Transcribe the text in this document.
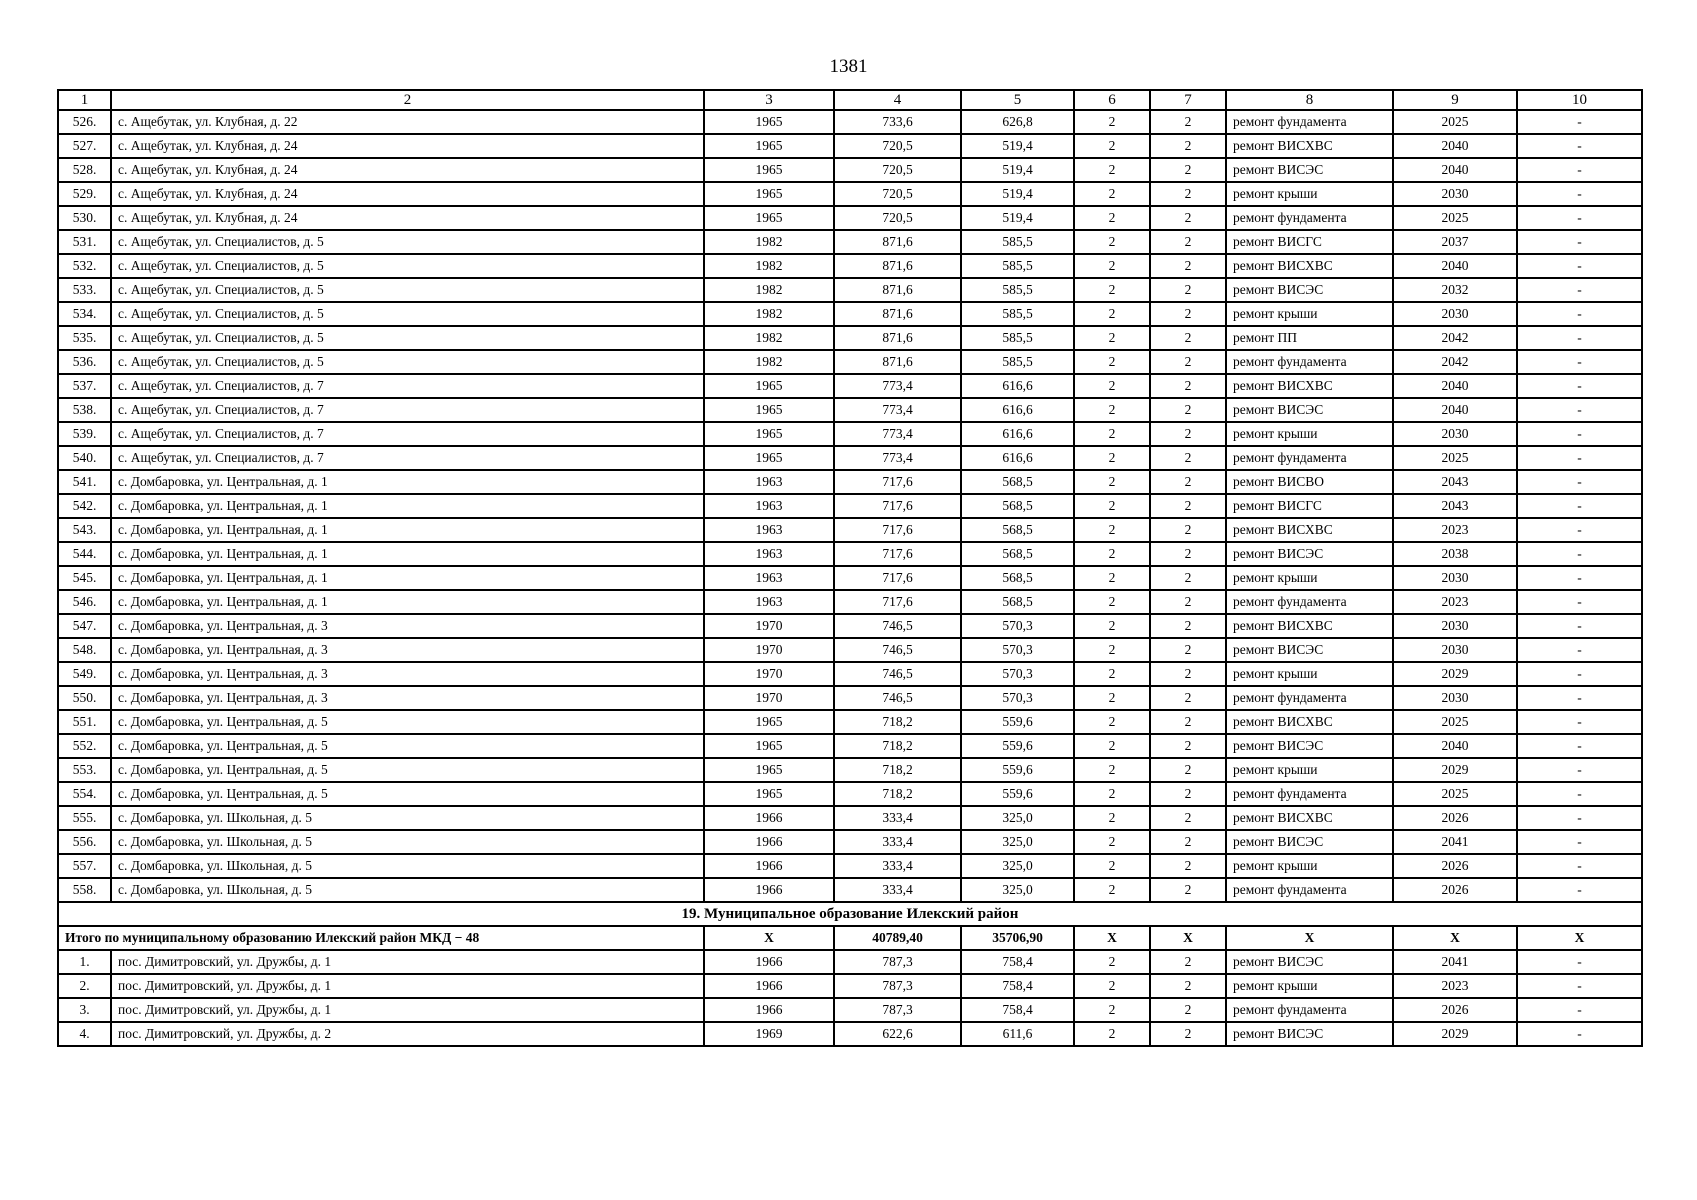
1381
1	2	3	4	5	6	7	8	9	10
526.	с. Ащебутак, ул. Клубная, д. 22	1965	733,6	626,8	2	2	ремонт фундамента	2025	-
527.	с. Ащебутак, ул. Клубная, д. 24	1965	720,5	519,4	2	2	ремонт ВИСХВС	2040	-
528.	с. Ащебутак, ул. Клубная, д. 24	1965	720,5	519,4	2	2	ремонт ВИСЭС	2040	-
529.	с. Ащебутак, ул. Клубная, д. 24	1965	720,5	519,4	2	2	ремонт крыши	2030	-
530.	с. Ащебутак, ул. Клубная, д. 24	1965	720,5	519,4	2	2	ремонт фундамента	2025	-
531.	с. Ащебутак, ул. Специалистов, д. 5	1982	871,6	585,5	2	2	ремонт ВИСГС	2037	-
532.	с. Ащебутак, ул. Специалистов, д. 5	1982	871,6	585,5	2	2	ремонт ВИСХВС	2040	-
533.	с. Ащебутак, ул. Специалистов, д. 5	1982	871,6	585,5	2	2	ремонт ВИСЭС	2032	-
534.	с. Ащебутак, ул. Специалистов, д. 5	1982	871,6	585,5	2	2	ремонт крыши	2030	-
535.	с. Ащебутак, ул. Специалистов, д. 5	1982	871,6	585,5	2	2	ремонт ПП	2042	-
536.	с. Ащебутак, ул. Специалистов, д. 5	1982	871,6	585,5	2	2	ремонт фундамента	2042	-
537.	с. Ащебутак, ул. Специалистов, д. 7	1965	773,4	616,6	2	2	ремонт ВИСХВС	2040	-
538.	с. Ащебутак, ул. Специалистов, д. 7	1965	773,4	616,6	2	2	ремонт ВИСЭС	2040	-
539.	с. Ащебутак, ул. Специалистов, д. 7	1965	773,4	616,6	2	2	ремонт крыши	2030	-
540.	с. Ащебутак, ул. Специалистов, д. 7	1965	773,4	616,6	2	2	ремонт фундамента	2025	-
541.	с. Домбаровка, ул. Центральная, д. 1	1963	717,6	568,5	2	2	ремонт ВИСВО	2043	-
542.	с. Домбаровка, ул. Центральная, д. 1	1963	717,6	568,5	2	2	ремонт ВИСГС	2043	-
543.	с. Домбаровка, ул. Центральная, д. 1	1963	717,6	568,5	2	2	ремонт ВИСХВС	2023	-
544.	с. Домбаровка, ул. Центральная, д. 1	1963	717,6	568,5	2	2	ремонт ВИСЭС	2038	-
545.	с. Домбаровка, ул. Центральная, д. 1	1963	717,6	568,5	2	2	ремонт крыши	2030	-
546.	с. Домбаровка, ул. Центральная, д. 1	1963	717,6	568,5	2	2	ремонт фундамента	2023	-
547.	с. Домбаровка, ул. Центральная, д. 3	1970	746,5	570,3	2	2	ремонт ВИСХВС	2030	-
548.	с. Домбаровка, ул. Центральная, д. 3	1970	746,5	570,3	2	2	ремонт ВИСЭС	2030	-
549.	с. Домбаровка, ул. Центральная, д. 3	1970	746,5	570,3	2	2	ремонт крыши	2029	-
550.	с. Домбаровка, ул. Центральная, д. 3	1970	746,5	570,3	2	2	ремонт фундамента	2030	-
551.	с. Домбаровка, ул. Центральная, д. 5	1965	718,2	559,6	2	2	ремонт ВИСХВС	2025	-
552.	с. Домбаровка, ул. Центральная, д. 5	1965	718,2	559,6	2	2	ремонт ВИСЭС	2040	-
553.	с. Домбаровка, ул. Центральная, д. 5	1965	718,2	559,6	2	2	ремонт крыши	2029	-
554.	с. Домбаровка, ул. Центральная, д. 5	1965	718,2	559,6	2	2	ремонт фундамента	2025	-
555.	с. Домбаровка, ул. Школьная, д. 5	1966	333,4	325,0	2	2	ремонт ВИСХВС	2026	-
556.	с. Домбаровка, ул. Школьная, д. 5	1966	333,4	325,0	2	2	ремонт ВИСЭС	2041	-
557.	с. Домбаровка, ул. Школьная, д. 5	1966	333,4	325,0	2	2	ремонт крыши	2026	-
558.	с. Домбаровка, ул. Школьная, д. 5	1966	333,4	325,0	2	2	ремонт фундамента	2026	-
19. Муниципальное образование Илекский район									
Итого по муниципальному образованию Илекский район МКД − 48		X	40789,40	35706,90	X	X	X	X	X
1.	пос. Димитровский, ул. Дружбы, д. 1	1966	787,3	758,4	2	2	ремонт ВИСЭС	2041	-
2.	пос. Димитровский, ул. Дружбы, д. 1	1966	787,3	758,4	2	2	ремонт крыши	2023	-
3.	пос. Димитровский, ул. Дружбы, д. 1	1966	787,3	758,4	2	2	ремонт фундамента	2026	-
4.	пос. Димитровский, ул. Дружбы, д. 2	1969	622,6	611,6	2	2	ремонт ВИСЭС	2029	-
